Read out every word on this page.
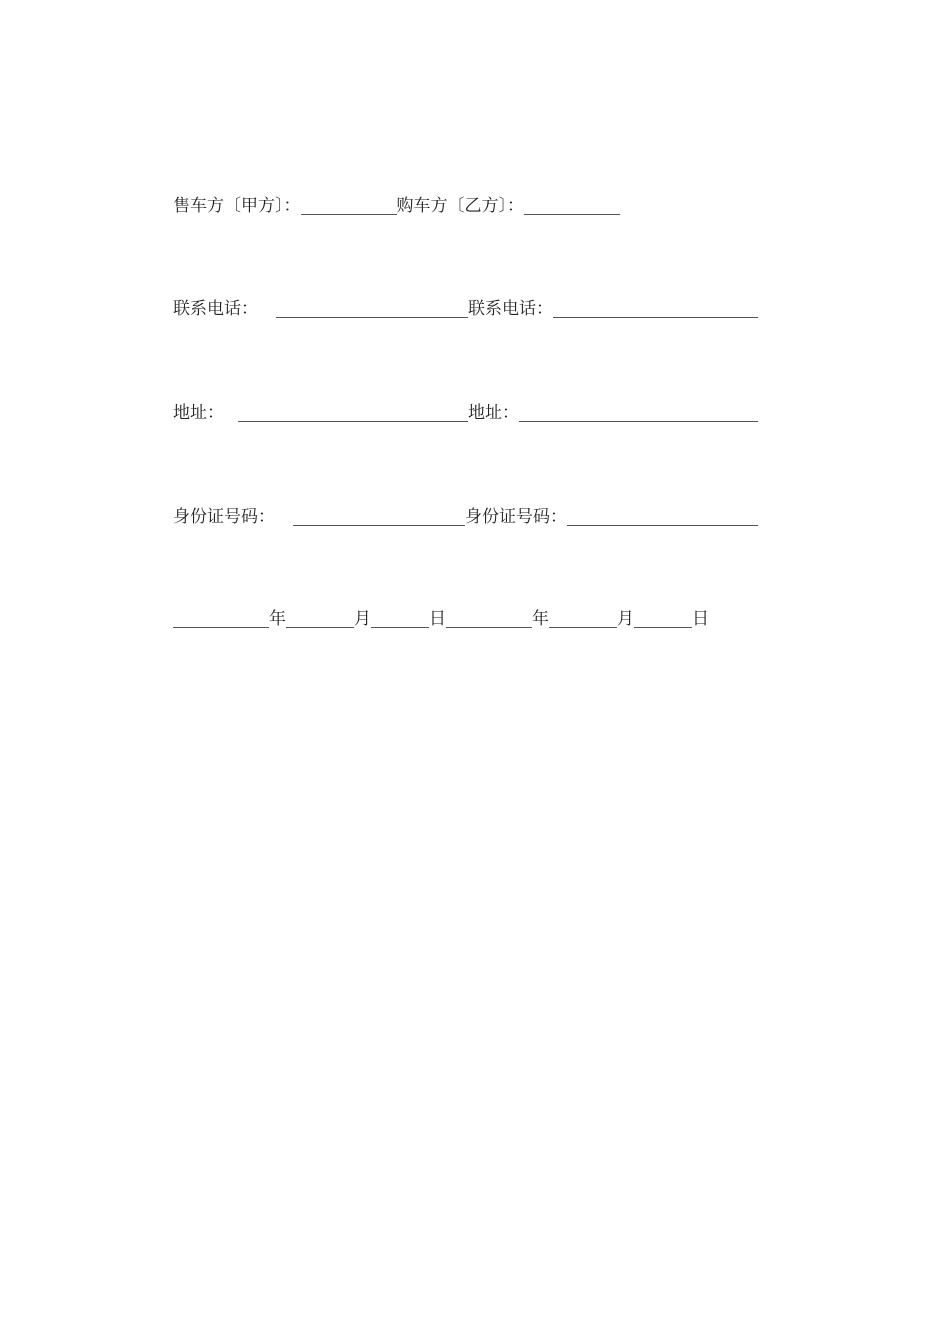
售车方〔甲方〕：	购车方〔乙方〕：
联系电话：	联系电话：
地址：	地址：
身份证号码：	身份证号码：
年	月	日	年	月	日
